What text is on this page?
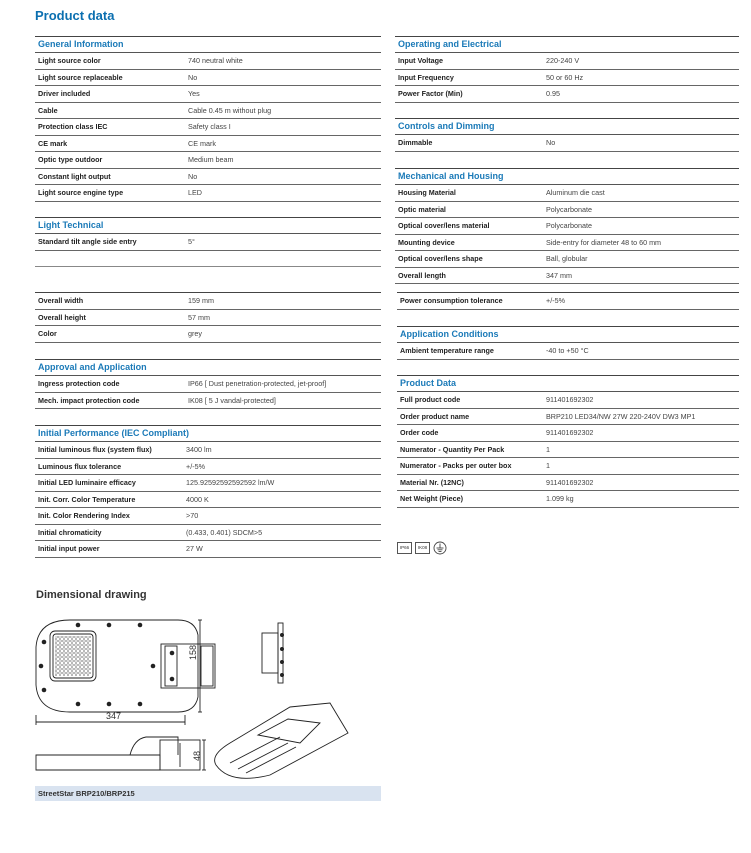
Product data
General Information
Light source color	740 neutral white
Light source replaceable	No
Driver included	Yes
Cable	Cable 0.45 m without plug
Protection class IEC	Safety class I
CE mark	CE mark
Optic type outdoor	Medium beam
Constant light output	No
Light source engine type	LED
Light Technical
Standard tilt angle side entry	5°
Overall width	159 mm
Overall height	57 mm
Color	grey
Approval and Application
Ingress protection code	IP66 [ Dust penetration-protected, jet-proof]
Mech. impact protection code	IK08 [ 5 J vandal-protected]
Initial Performance (IEC Compliant)
Initial luminous flux (system flux)	3400 lm
Luminous flux tolerance	+/-5%
Initial LED luminaire efficacy	125.92592592592592 lm/W
Init. Corr. Color Temperature	4000 K
Init. Color Rendering Index	>70
Initial chromaticity	(0.433, 0.401) SDCM>5
Initial input power	27 W
Operating and Electrical
Input Voltage	220-240 V
Input Frequency	50 or 60 Hz
Power Factor (Min)	0.95
Controls and Dimming
Dimmable	No
Mechanical and Housing
Housing Material	Aluminum die cast
Optic material	Polycarbonate
Optical cover/lens material	Polycarbonate
Mounting device	Side-entry for diameter 48 to 60 mm
Optical cover/lens shape	Ball, globular
Overall length	347 mm
Power consumption tolerance	+/-5%
Application Conditions
Ambient temperature range	-40 to +50 °C
Product Data
Full product code	911401692302
Order product name	BRP210 LED34/NW 27W 220-240V DW3 MP1
Order code	911401692302
Numerator - Quantity Per Pack	1
Numerator - Packs per outer box	1
Material Nr. (12NC)	911401692302
Net Weight (Piece)	1.099 kg
IP66	IK08
Dimensional drawing
347
158
48
StreetStar BRP210/BRP215
